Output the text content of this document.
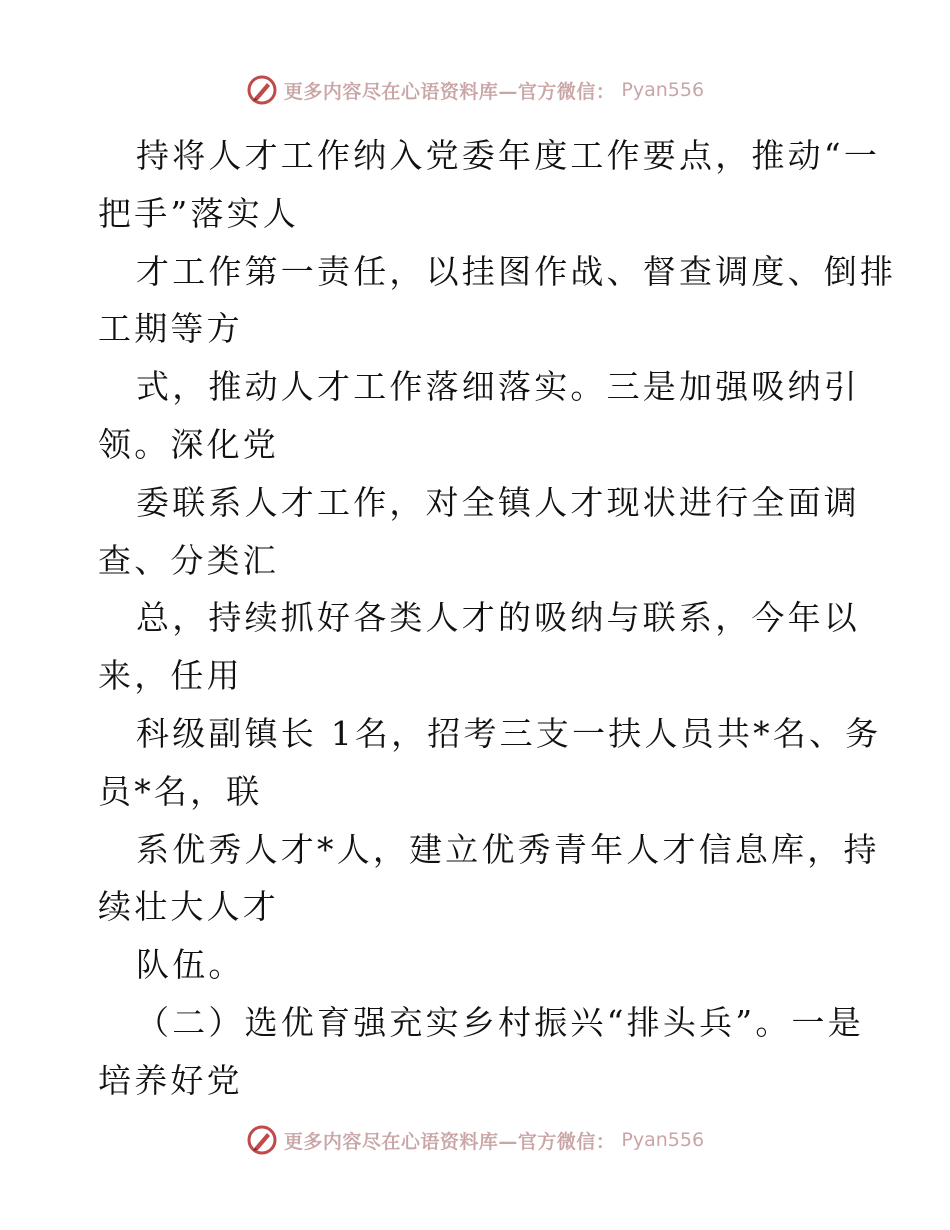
更多内容尽在心语资料库—官方微信： Pyan556
持将人才工作纳入党委年度工作要点，推动“一
把手”落实人
才工作第一责任，以挂图作战、督查调度、倒排
工期等方
式，推动人才工作落细落实。三是加强吸纳引
领。深化党
委联系人才工作，对全镇人才现状进行全面调
查、分类汇
总，持续抓好各类人才的吸纳与联系，今年以
来，任用
科级副镇长 1名，招考三支一扶人员共*名、务
员*名，联
系优秀人才*人，建立优秀青年人才信息库，持
续壮大人才
队伍。
（二）选优育强充实乡村振兴“排头兵”。一是
培养好党
更多内容尽在心语资料库—官方微信： Pyan556
